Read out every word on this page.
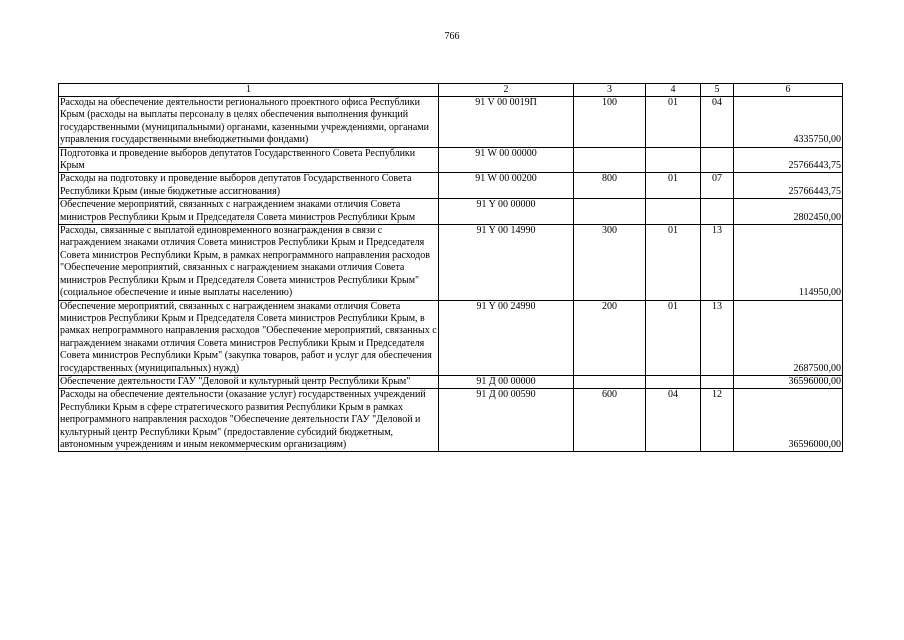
766
1	2	3	4	5	6
Расходы на обеспечение деятельности регионального проектного офиса Республики Крым (расходы на выплаты персоналу в целях обеспечения выполнения функций государственными (муниципальными) органами, казенными учреждениями, органами управления государственными внебюджетными фондами)	91 V 00 0019П	100	01	04	4335750,00
Подготовка и проведение выборов депутатов Государственного Совета Республики Крым	91 W 00 00000				25766443,75
Расходы на подготовку и проведение выборов депутатов Государственного Совета Республики Крым (иные бюджетные ассигнования)	91 W 00 00200	800	01	07	25766443,75
Обеспечение мероприятий, связанных с награждением знаками отличия Совета министров Республики Крым и Председателя Совета министров Республики Крым	91 Y 00 00000				2802450,00
Расходы, связанные с выплатой единовременного вознаграждения в связи с награждением знаками отличия Совета министров Республики Крым и Председателя Совета министров Республики Крым, в рамках непрограммного направления расходов "Обеспечение мероприятий, связанных с награждением знаками отличия Совета министров Республики Крым и Председателя Совета министров Республики Крым" (социальное обеспечение и иные выплаты населению)	91 Y 00 14990	300	01	13	114950,00
Обеспечение мероприятий, связанных с награждением знаками отличия Совета министров Республики Крым и Председателя Совета министров Республики Крым, в рамках непрограммного направления расходов "Обеспечение мероприятий, связанных с награждением знаками отличия Совета министров Республики Крым и Председателя Совета министров Республики Крым" (закупка товаров, работ и услуг для обеспечения государственных (муниципальных) нужд)	91 Y 00 24990	200	01	13	2687500,00
Обеспечение деятельности ГАУ "Деловой и культурный центр Республики Крым"	91 Д 00 00000				36596000,00
Расходы на обеспечение деятельности (оказание услуг) государственных учреждений Республики Крым в сфере стратегического развития Республики Крым в рамках непрограммного направления расходов "Обеспечение деятельности ГАУ "Деловой и культурный центр Республики Крым" (предоставление субсидий бюджетным, автономным учреждениям и иным некоммерческим организациям)	91 Д 00 00590	600	04	12	36596000,00
